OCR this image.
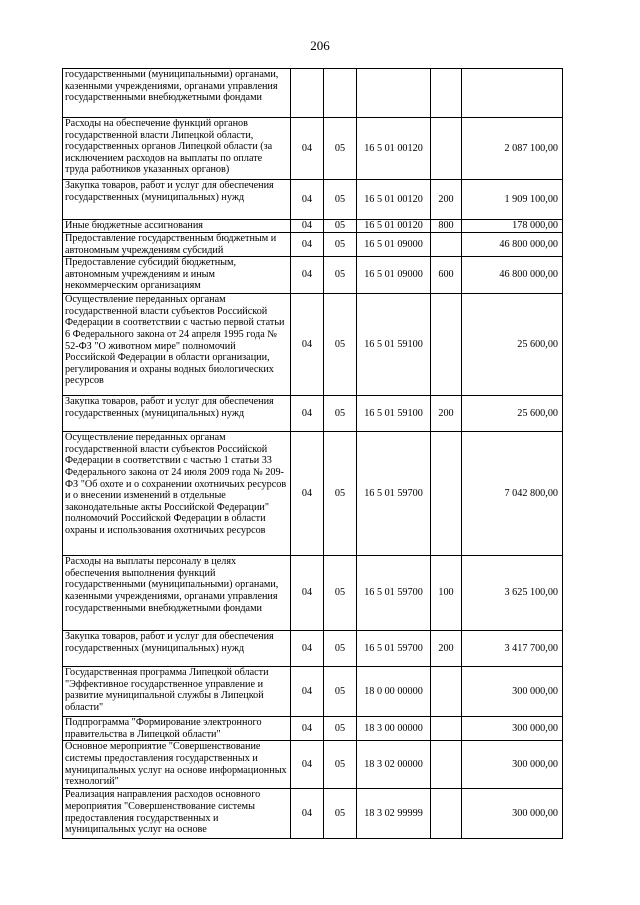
206
государственными (муниципальными) органами, казенными учреждениями, органами управления государственными внебюджетными фондами					
Расходы на обеспечение функций органов государственной власти Липецкой области, государственных органов Липецкой области (за исключением расходов на выплаты по оплате труда работников указанных органов)	04	05	16 5 01 00120		2 087 100,00
Закупка товаров, работ и услуг для обеспечения государственных (муниципальных) нужд	04	05	16 5 01 00120	200	1 909 100,00
Иные бюджетные ассигнования	04	05	16 5 01 00120	800	178 000,00
Предоставление государственным бюджетным и автономным учреждениям субсидий	04	05	16 5 01 09000		46 800 000,00
Предоставление субсидий бюджетным, автономным учреждениям и иным некоммерческим организациям	04	05	16 5 01 09000	600	46 800 000,00
Осуществление переданных органам государственной власти субъектов Российской Федерации в соответствии с частью первой статьи 6 Федерального закона от 24 апреля 1995 года № 52-ФЗ "О животном мире" полномочий Российской Федерации в области организации, регулирования и охраны водных биологических ресурсов	04	05	16 5 01 59100		25 600,00
Закупка товаров, работ и услуг для обеспечения государственных (муниципальных) нужд	04	05	16 5 01 59100	200	25 600,00
Осуществление переданных органам государственной власти субъектов Российской Федерации в соответствии с частью 1 статьи 33 Федерального закона от 24 июля 2009 года № 209-ФЗ "Об охоте и о сохранении охотничьих ресурсов и о внесении изменений в отдельные законодательные акты Российской Федерации" полномочий Российской Федерации в области охраны и использования охотничьих ресурсов	04	05	16 5 01 59700		7 042 800,00
Расходы на выплаты персоналу в целях обеспечения выполнения функций государственными (муниципальными) органами, казенными учреждениями, органами управления государственными внебюджетными фондами	04	05	16 5 01 59700	100	3 625 100,00
Закупка товаров, работ и услуг для обеспечения государственных (муниципальных) нужд	04	05	16 5 01 59700	200	3 417 700,00
Государственная программа Липецкой области "Эффективное государственное управление и развитие муниципальной службы в Липецкой области"	04	05	18 0 00 00000		300 000,00
Подпрограмма "Формирование электронного правительства в Липецкой области"	04	05	18 3 00 00000		300 000,00
Основное мероприятие "Совершенствование системы предоставления государственных и муниципальных услуг на основе информационных технологий"	04	05	18 3 02 00000		300 000,00
Реализация направления расходов основного мероприятия "Совершенствование системы предоставления государственных и муниципальных услуг на основе	04	05	18 3 02 99999		300 000,00
